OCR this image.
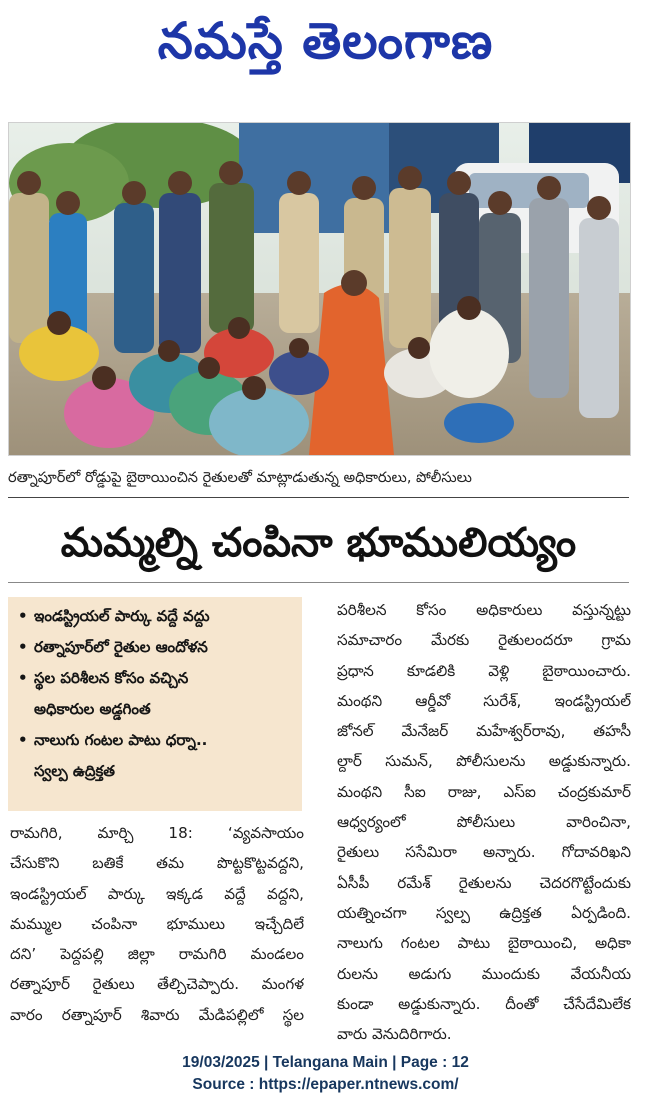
నమస్తే తెలంగాణ
రత్నాపూర్‌లో రోడ్డుపై బైఠాయించిన రైతులతో మాట్లాడుతున్న అధికారులు, పోలీసులు
మమ్మల్ని చంపినా భూములియ్యం
• ఇండస్ట్రియల్ పార్కు వద్దే వద్దు
• రత్నాపూర్‌లో రైతుల ఆందోళన
• స్థల పరిశీలన కోసం వచ్చిన
అధికారుల అడ్డగింత
• నాలుగు గంటల పాటు ధర్నా..
స్వల్ప ఉద్రిక్తత
రామగిరి, మార్చి 18: ‘వ్యవసాయం
చేసుకొని బతికే తమ పొట్టకొట్టవద్దని,
ఇండస్ట్రియల్ పార్కు ఇక్కడ వద్దే వద్దని,
మమ్ముల చంపినా భూములు ఇచ్చేదిలే
దని’ పెద్దపల్లి జిల్లా రామగిరి మండలం
రత్నాపూర్ రైతులు తేల్చిచెప్పారు. మంగళ
వారం రత్నాపూర్ శివారు మేడిపల్లిలో స్థల
పరిశీలన కోసం అధికారులు వస్తున్నట్టు
సమాచారం మేరకు రైతులందరూ గ్రామ
ప్రధాన కూడలికి వెళ్లి బైఠాయించారు.
మంథని ఆర్డీవో సురేశ్, ఇండస్ట్రియల్
జోనల్ మేనేజర్ మహేశ్వర్‌రావు, తహసీ
ల్దార్ సుమన్, పోలీసులను అడ్డుకున్నారు.
మంథని సీఐ రాజు, ఎస్ఐ చంద్రకుమార్
ఆధ్వర్యంలో పోలీసులు వారించినా,
రైతులు ససేమిరా అన్నారు. గోదావరిఖని
ఏసీపీ రమేశ్ రైతులను చెదరగొట్టేందుకు
యత్నించగా స్వల్ప ఉద్రిక్తత ఏర్పడింది.
నాలుగు గంటల పాటు బైఠాయించి, అధికా
రులను అడుగు ముందుకు వేయనీయ
కుండా అడ్డుకున్నారు. దీంతో చేసేదేమిలేక
వారు వెనుదిరిగారు.
19/03/2025 | Telangana Main | Page : 12
Source : https://epaper.ntnews.com/
